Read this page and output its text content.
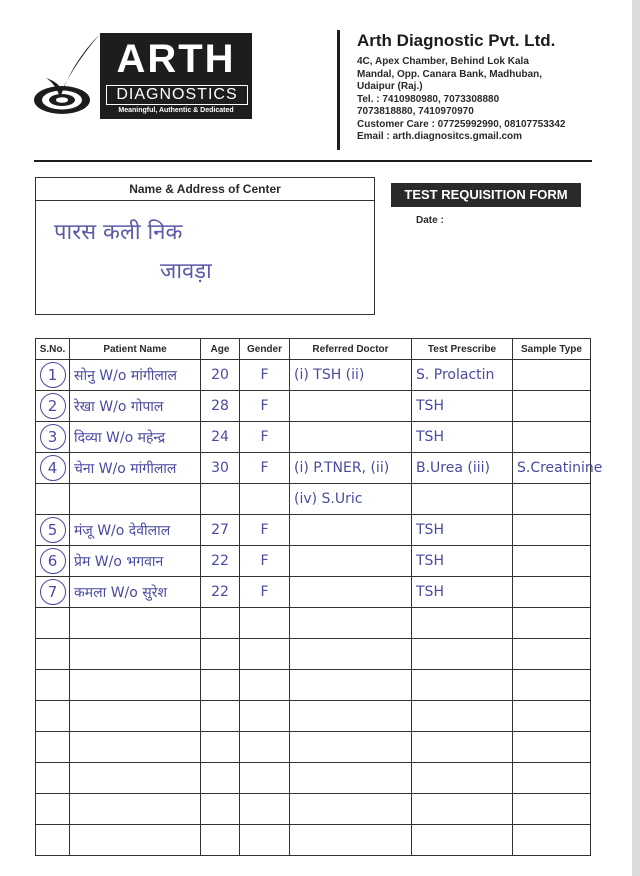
ARTH
DIAGNOSTICS
Meaningful, Authentic & Dedicated
Arth Diagnostic Pvt. Ltd.
4C, Apex Chamber, Behind Lok Kala
Mandal, Opp. Canara Bank, Madhuban,
Udaipur (Raj.)
Tel. : 7410980980, 7073308880
7073818880, 7410970970
Customer Care : 07725992990, 08107753342
Email : arth.diagnositcs.gmail.com
Name & Address of Center
पारस कली निक
जावड़ा
TEST REQUISITION FORM
Date :
S.No.	Patient Name	Age	Gender	Referred Doctor	Test Prescribe	Sample Type
1	सोनु W/o मांगीलाल	20	F	(i) TSH (ii)	S. Prolactin	
2	रेखा W/o गोपाल	28	F		TSH	
3	दिव्या W/o महेन्द्र	24	F		TSH	
4	चेना W/o मांगीलाल	30	F	(i) P.TNER, (ii)	B.Urea (iii)	S.Creatinine
				(iv) S.Uric		
5	मंजू W/o देवीलाल	27	F		TSH	
6	प्रेम W/o भगवान	22	F		TSH	
7	कमला W/o सुरेश	22	F		TSH	
